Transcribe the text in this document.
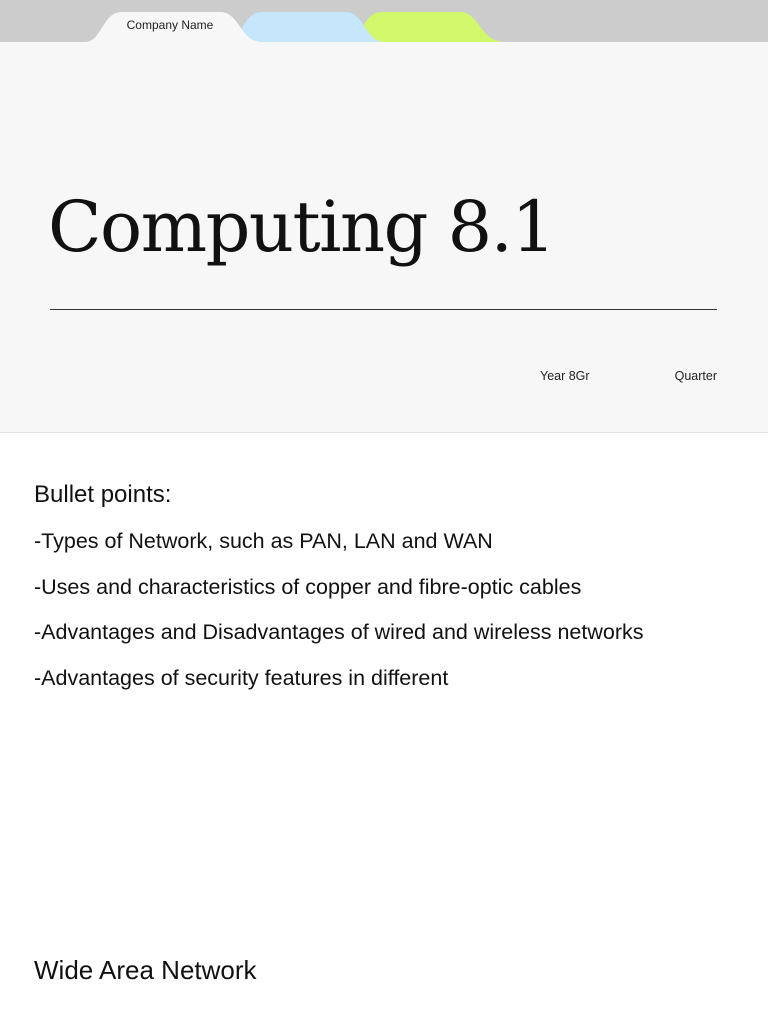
Company Name
Computing 8.1
Year 8Gr	Quarter
Bullet points:
-Types of Network, such as PAN, LAN and WAN
-Uses and characteristics of copper and fibre-optic cables
-Advantages and Disadvantages of wired and wireless networks
-Advantages of security features in different
Wide Area Network
